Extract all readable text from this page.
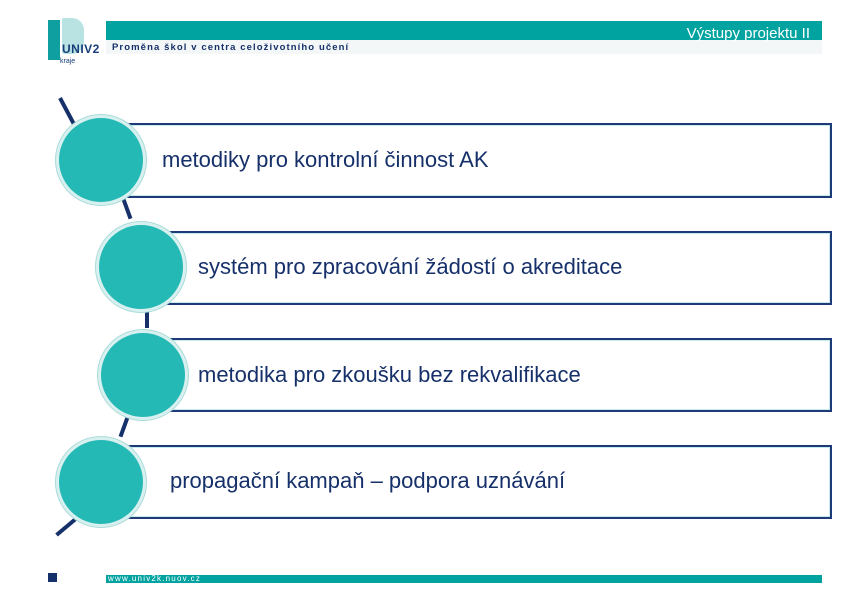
UNIV2
kraje
Výstupy projektu II
Proměna škol v centra celoživotního učení
metodiky pro kontrolní činnost AK
systém pro zpracování žádostí o akreditace
metodika pro zkoušku bez rekvalifikace
propagační kampaň – podpora uznávání
www.univ2k.nuov.cz
